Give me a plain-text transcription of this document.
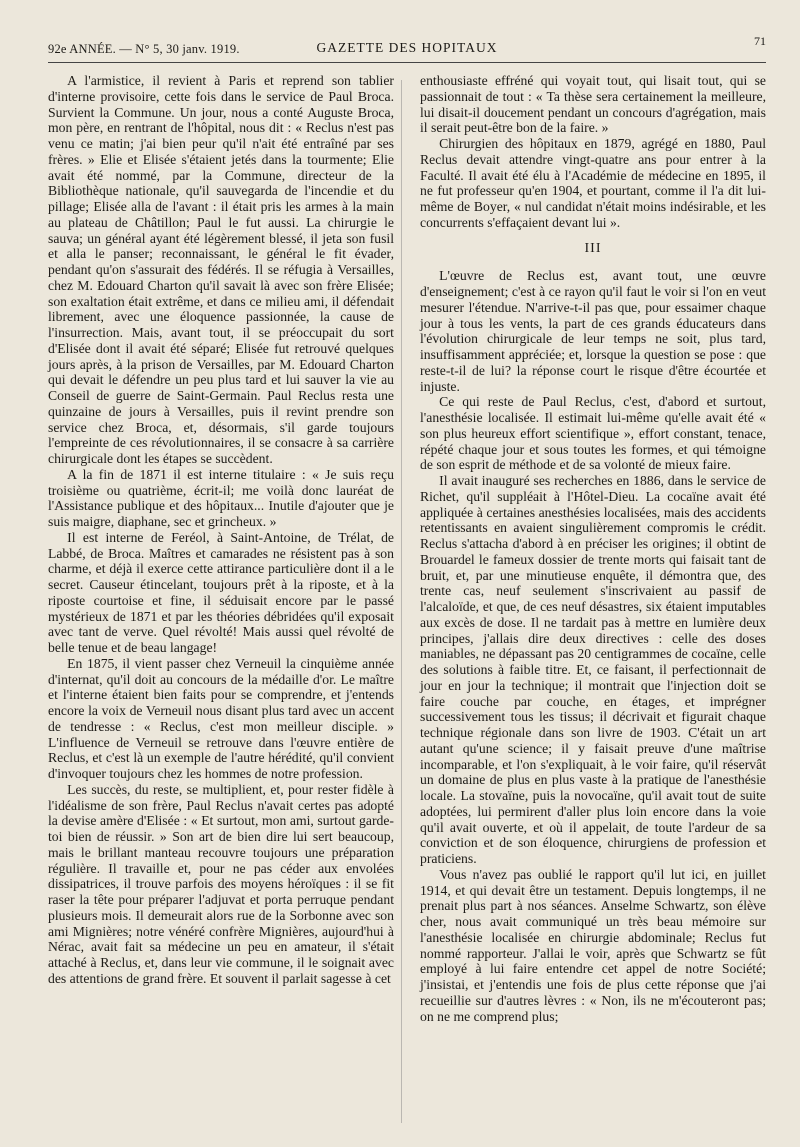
92e ANNÉE. — N° 5, 30 janv. 1919.	GAZETTE DES HOPITAUX	71

A l'armistice, il revient à Paris et reprend son tablier d'interne provisoire, cette fois dans le service de Paul Broca. Survient la Commune. Un jour, nous a conté Auguste Broca, mon père, en rentrant de l'hôpital, nous dit : « Reclus n'est pas venu ce matin; j'ai bien peur qu'il n'ait été entraîné par ses frères. » Elie et Elisée s'étaient jetés dans la tourmente; Elie avait été nommé, par la Commune, directeur de la Bibliothèque nationale, qu'il sauvegarda de l'incendie et du pillage; Elisée alla de l'avant : il était pris les armes à la main au plateau de Châtillon; Paul le fut aussi. La chirurgie le sauva; un général ayant été légèrement blessé, il jeta son fusil et alla le panser; reconnaissant, le général le fit évader, pendant qu'on s'assurait des fédérés. Il se réfugia à Versailles, chez M. Edouard Charton qu'il savait là avec son frère Elisée; son exaltation était extrême, et dans ce milieu ami, il défendait librement, avec une éloquence passionnée, la cause de l'insurrection. Mais, avant tout, il se préoccupait du sort d'Elisée dont il avait été séparé; Elisée fut retrouvé quelques jours après, à la prison de Versailles, par M. Edouard Charton qui devait le défendre un peu plus tard et lui sauver la vie au Conseil de guerre de Saint-Germain. Paul Reclus resta une quinzaine de jours à Versailles, puis il revint prendre son service chez Broca, et, désormais, s'il garde toujours l'empreinte de ces révolutionnaires, il se consacre à sa carrière chirurgicale dont les étapes se succèdent.

A la fin de 1871 il est interne titulaire : « Je suis reçu troisième ou quatrième, écrit-il; me voilà donc lauréat de l'Assistance publique et des hôpitaux... Inutile d'ajouter que je suis maigre, diaphane, sec et grincheux. »

Il est interne de Feréol, à Saint-Antoine, de Trélat, de Labbé, de Broca. Maîtres et camarades ne résistent pas à son charme, et déjà il exerce cette attirance particulière dont il a le secret. Causeur étincelant, toujours prêt à la riposte, et à la riposte courtoise et fine, il séduisait encore par le passé mystérieux de 1871 et par les théories débridées qu'il exposait avec tant de verve. Quel révolté! Mais aussi quel révolté de belle tenue et de beau langage!

En 1875, il vient passer chez Verneuil la cinquième année d'internat, qu'il doit au concours de la médaille d'or. Le maître et l'interne étaient bien faits pour se comprendre, et j'entends encore la voix de Verneuil nous disant plus tard avec un accent de tendresse : « Reclus, c'est mon meilleur disciple. » L'influence de Verneuil se retrouve dans l'œuvre entière de Reclus, et c'est là un exemple de l'autre hérédité, qu'il convient d'invoquer toujours chez les hommes de notre profession.

Les succès, du reste, se multiplient, et, pour rester fidèle à l'idéalisme de son frère, Paul Reclus n'avait certes pas adopté la devise amère d'Elisée : « Et surtout, mon ami, surtout garde-toi bien de réussir. » Son art de bien dire lui sert beaucoup, mais le brillant manteau recouvre toujours une préparation régulière. Il travaille et, pour ne pas céder aux envolées dissipatrices, il trouve parfois des moyens héroïques : il se fit raser la tête pour préparer l'adjuvat et porta perruque pendant plusieurs mois. Il demeurait alors rue de la Sorbonne avec son ami Mignières; notre vénéré confrère Mignières, aujourd'hui à Nérac, avait fait sa médecine un peu en amateur, il s'était attaché à Reclus, et, dans leur vie commune, il le soignait avec des attentions de grand frère. Et souvent il parlait sagesse à cet

enthousiaste effréné qui voyait tout, qui lisait tout, qui se passionnait de tout : « Ta thèse sera certainement la meilleure, lui disait-il doucement pendant un concours d'agrégation, mais il serait peut-être bon de la faire. »

Chirurgien des hôpitaux en 1879, agrégé en 1880, Paul Reclus devait attendre vingt-quatre ans pour entrer à la Faculté. Il avait été élu à l'Académie de médecine en 1895, il ne fut professeur qu'en 1904, et pourtant, comme il l'a dit lui-même de Boyer, « nul candidat n'était moins indésirable, et les concurrents s'effaçaient devant lui ».

III

L'œuvre de Reclus est, avant tout, une œuvre d'enseignement; c'est à ce rayon qu'il faut le voir si l'on en veut mesurer l'étendue. N'arrive-t-il pas que, pour essaimer chaque jour à tous les vents, la part de ces grands éducateurs dans l'évolution chirurgicale de leur temps ne soit, plus tard, insuffisamment appréciée; et, lorsque la question se pose : que reste-t-il de lui? la réponse court le risque d'être écourtée et injuste.

Ce qui reste de Paul Reclus, c'est, d'abord et surtout, l'anesthésie localisée. Il estimait lui-même qu'elle avait été « son plus heureux effort scientifique », effort constant, tenace, répété chaque jour et sous toutes les formes, et qui témoigne de son esprit de méthode et de sa volonté de mieux faire.

Il avait inauguré ses recherches en 1886, dans le service de Richet, qu'il suppléait à l'Hôtel-Dieu. La cocaïne avait été appliquée à certaines anesthésies localisées, mais des accidents retentissants en avaient singulièrement compromis le crédit. Reclus s'attacha d'abord à en préciser les origines; il obtint de Brouardel le fameux dossier de trente morts qui faisait tant de bruit, et, par une minutieuse enquête, il démontra que, des trente cas, neuf seulement s'inscrivaient au passif de l'alcaloïde, et que, de ces neuf désastres, six étaient imputables aux excès de dose. Il ne tardait pas à mettre en lumière deux principes, j'allais dire deux directives : celle des doses maniables, ne dépassant pas 20 centigrammes de cocaïne, celle des solutions à faible titre. Et, ce faisant, il perfectionnait de jour en jour la technique; il montrait que l'injection doit se faire couche par couche, en étages, et imprégner successivement tous les tissus; il décrivait et figurait chaque technique régionale dans son livre de 1903. C'était un art autant qu'une science; il y faisait preuve d'une maîtrise incomparable, et l'on s'expliquait, à le voir faire, qu'il réservât un domaine de plus en plus vaste à la pratique de l'anesthésie locale. La stovaïne, puis la novocaïne, qu'il avait tout de suite adoptées, lui permirent d'aller plus loin encore dans la voie qu'il avait ouverte, et où il appelait, de toute l'ardeur de sa conviction et de son éloquence, chirurgiens de profession et praticiens.

Vous n'avez pas oublié le rapport qu'il lut ici, en juillet 1914, et qui devait être un testament. Depuis longtemps, il ne prenait plus part à nos séances. Anselme Schwartz, son élève cher, nous avait communiqué un très beau mémoire sur l'anesthésie localisée en chirurgie abdominale; Reclus fut nommé rapporteur. J'allai le voir, après que Schwartz se fût employé à lui faire entendre cet appel de notre Société; j'insistai, et j'entendis une fois de plus cette réponse que j'ai recueillie sur d'autres lèvres : « Non, ils ne m'écouteront pas; on ne me comprend plus;
